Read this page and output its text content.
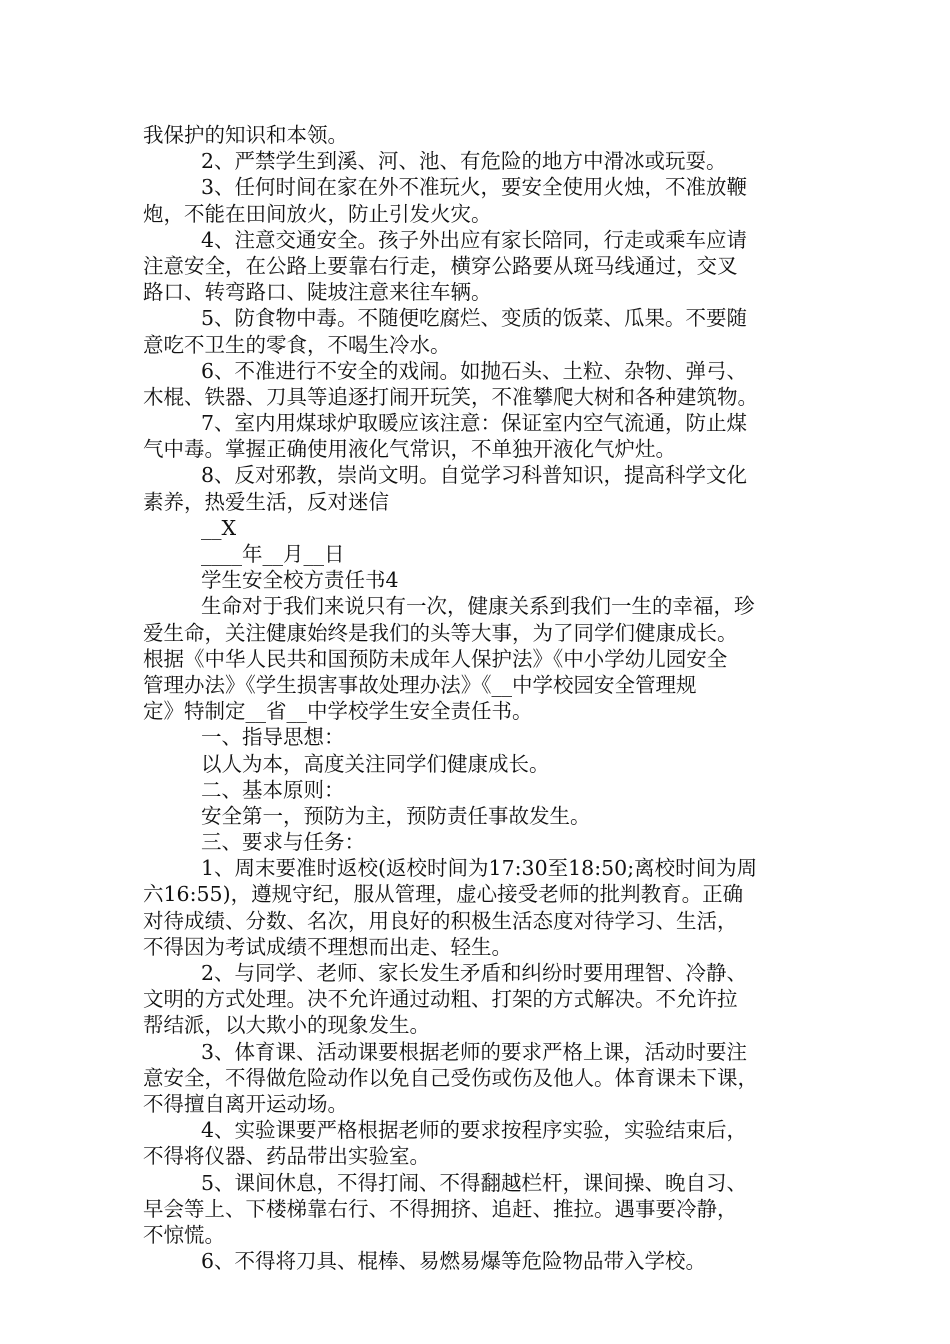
我保护的知识和本领。
2、严禁学生到溪、河、池、有危险的地方中滑冰或玩耍。
3、任何时间在家在外不准玩火，要安全使用火烛，不准放鞭
炮，不能在田间放火，防止引发火灾。
4、注意交通安全。孩子外出应有家长陪同，行走或乘车应请
注意安全，在公路上要靠右行走，横穿公路要从斑马线通过，交叉
路口、转弯路口、陡坡注意来往车辆。
5、防食物中毒。不随便吃腐烂、变质的饭菜、瓜果。不要随
意吃不卫生的零食，不喝生冷水。
6、不准进行不安全的戏闹。如抛石头、土粒、杂物、弹弓、
木棍、铁器、刀具等追逐打闹开玩笑，不准攀爬大树和各种建筑物。
7、室内用煤球炉取暖应该注意：保证室内空气流通，防止煤
气中毒。掌握正确使用液化气常识，不单独开液化气炉灶。
8、反对邪教，崇尚文明。自觉学习科普知识，提高科学文化
素养，热爱生活，反对迷信
__X
____年__月__日
学生安全校方责任书4
生命对于我们来说只有一次，健康关系到我们一生的幸福，珍
爱生命，关注健康始终是我们的头等大事，为了同学们健康成长。
根据《中华人民共和国预防未成年人保护法》《中小学幼儿园安全
管理办法》《学生损害事故处理办法》《__中学校园安全管理规
定》特制定__省__中学校学生安全责任书。
一、指导思想：
以人为本，高度关注同学们健康成长。
二、基本原则：
安全第一，预防为主，预防责任事故发生。
三、要求与任务：
1、周末要准时返校(返校时间为17:30至18:50;离校时间为周
六16:55)，遵规守纪，服从管理，虚心接受老师的批判教育。正确
对待成绩、分数、名次，用良好的积极生活态度对待学习、生活，
不得因为考试成绩不理想而出走、轻生。
2、与同学、老师、家长发生矛盾和纠纷时要用理智、冷静、
文明的方式处理。决不允许通过动粗、打架的方式解决。不允许拉
帮结派，以大欺小的现象发生。
3、体育课、活动课要根据老师的要求严格上课，活动时要注
意安全，不得做危险动作以免自己受伤或伤及他人。体育课未下课，
不得擅自离开运动场。
4、实验课要严格根据老师的要求按程序实验，实验结束后，
不得将仪器、药品带出实验室。
5、课间休息，不得打闹、不得翻越栏杆，课间操、晚自习、
早会等上、下楼梯靠右行、不得拥挤、追赶、推拉。遇事要冷静，
不惊慌。
6、不得将刀具、棍棒、易燃易爆等危险物品带入学校。
